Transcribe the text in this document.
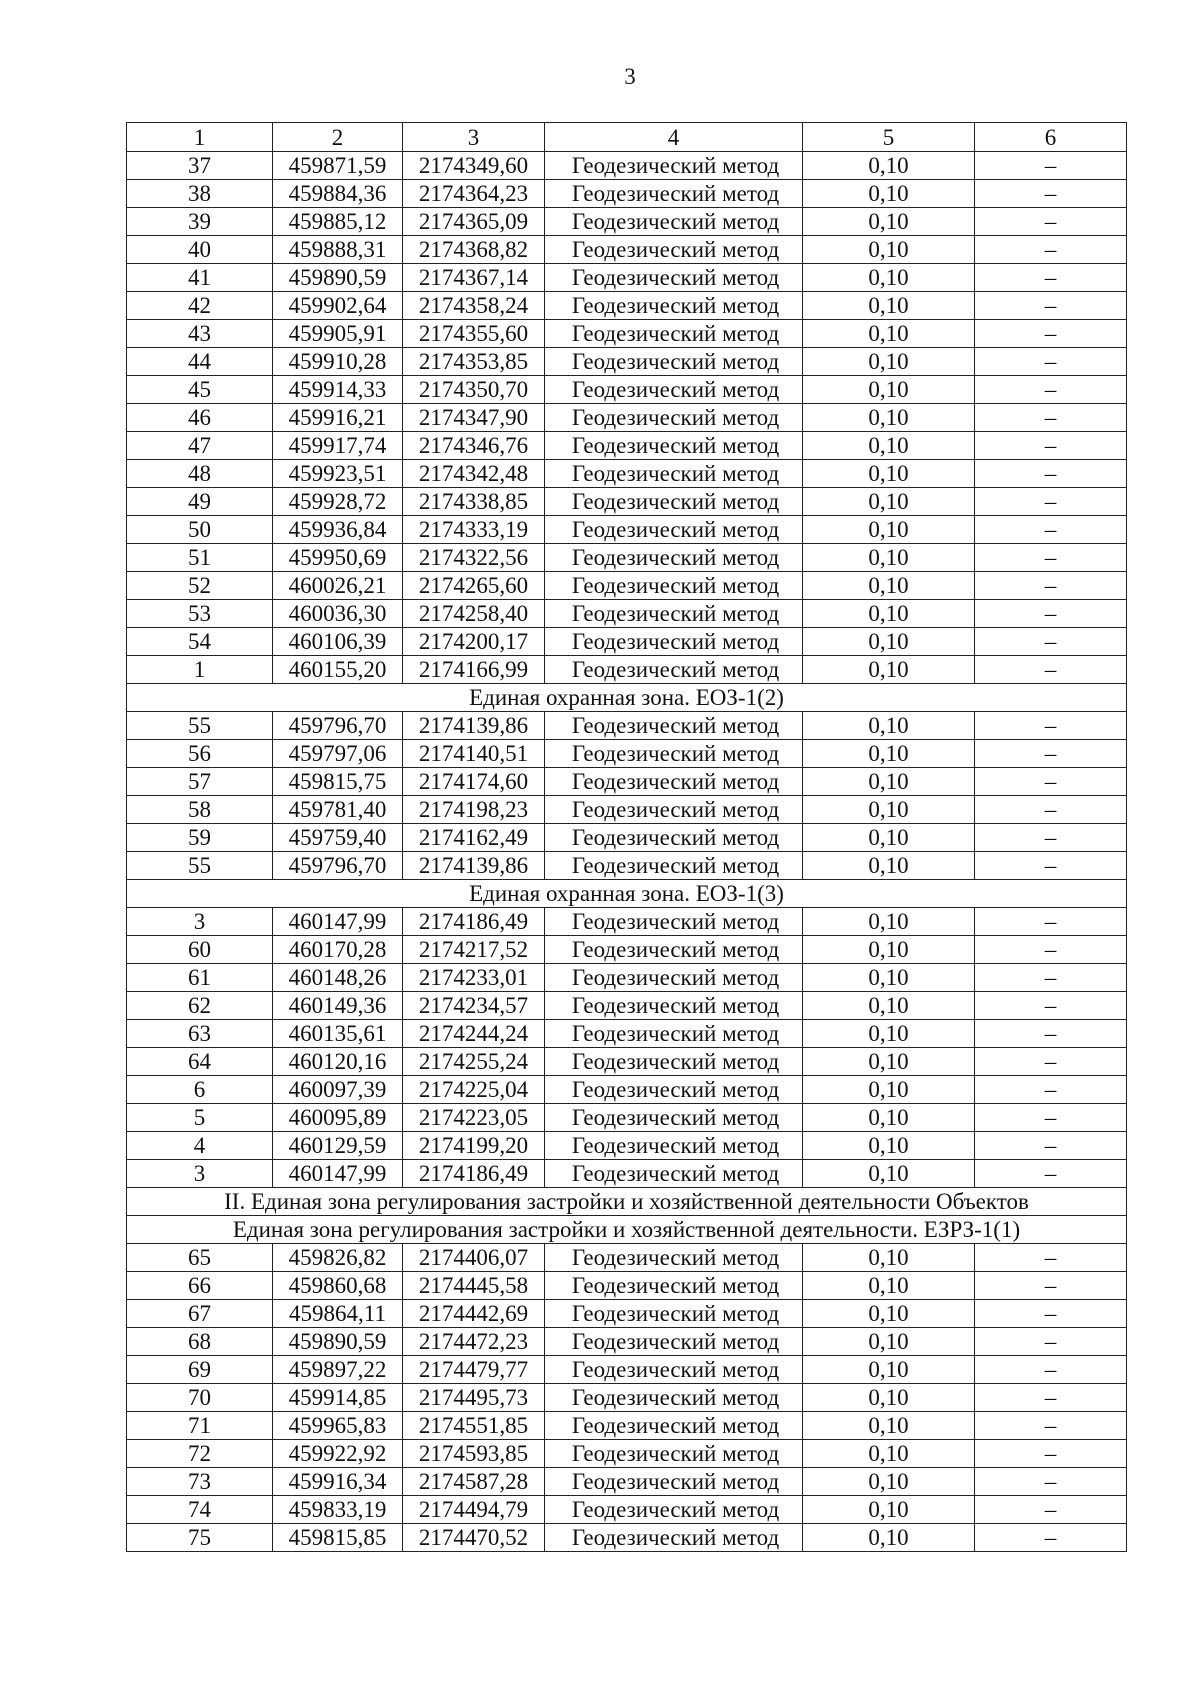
3
1	2	3	4	5	6
37	459871,59	2174349,60	Геодезический метод	0,10	–
38	459884,36	2174364,23	Геодезический метод	0,10	–
39	459885,12	2174365,09	Геодезический метод	0,10	–
40	459888,31	2174368,82	Геодезический метод	0,10	–
41	459890,59	2174367,14	Геодезический метод	0,10	–
42	459902,64	2174358,24	Геодезический метод	0,10	–
43	459905,91	2174355,60	Геодезический метод	0,10	–
44	459910,28	2174353,85	Геодезический метод	0,10	–
45	459914,33	2174350,70	Геодезический метод	0,10	–
46	459916,21	2174347,90	Геодезический метод	0,10	–
47	459917,74	2174346,76	Геодезический метод	0,10	–
48	459923,51	2174342,48	Геодезический метод	0,10	–
49	459928,72	2174338,85	Геодезический метод	0,10	–
50	459936,84	2174333,19	Геодезический метод	0,10	–
51	459950,69	2174322,56	Геодезический метод	0,10	–
52	460026,21	2174265,60	Геодезический метод	0,10	–
53	460036,30	2174258,40	Геодезический метод	0,10	–
54	460106,39	2174200,17	Геодезический метод	0,10	–
1	460155,20	2174166,99	Геодезический метод	0,10	–
Единая охранная зона. ЕОЗ-1(2)					
55	459796,70	2174139,86	Геодезический метод	0,10	–
56	459797,06	2174140,51	Геодезический метод	0,10	–
57	459815,75	2174174,60	Геодезический метод	0,10	–
58	459781,40	2174198,23	Геодезический метод	0,10	–
59	459759,40	2174162,49	Геодезический метод	0,10	–
55	459796,70	2174139,86	Геодезический метод	0,10	–
Единая охранная зона. ЕОЗ-1(3)					
3	460147,99	2174186,49	Геодезический метод	0,10	–
60	460170,28	2174217,52	Геодезический метод	0,10	–
61	460148,26	2174233,01	Геодезический метод	0,10	–
62	460149,36	2174234,57	Геодезический метод	0,10	–
63	460135,61	2174244,24	Геодезический метод	0,10	–
64	460120,16	2174255,24	Геодезический метод	0,10	–
6	460097,39	2174225,04	Геодезический метод	0,10	–
5	460095,89	2174223,05	Геодезический метод	0,10	–
4	460129,59	2174199,20	Геодезический метод	0,10	–
3	460147,99	2174186,49	Геодезический метод	0,10	–
II. Единая зона регулирования застройки и хозяйственной деятельности Объектов					
Единая зона регулирования застройки и хозяйственной деятельности. ЕЗРЗ-1(1)					
65	459826,82	2174406,07	Геодезический метод	0,10	–
66	459860,68	2174445,58	Геодезический метод	0,10	–
67	459864,11	2174442,69	Геодезический метод	0,10	–
68	459890,59	2174472,23	Геодезический метод	0,10	–
69	459897,22	2174479,77	Геодезический метод	0,10	–
70	459914,85	2174495,73	Геодезический метод	0,10	–
71	459965,83	2174551,85	Геодезический метод	0,10	–
72	459922,92	2174593,85	Геодезический метод	0,10	–
73	459916,34	2174587,28	Геодезический метод	0,10	–
74	459833,19	2174494,79	Геодезический метод	0,10	–
75	459815,85	2174470,52	Геодезический метод	0,10	–
